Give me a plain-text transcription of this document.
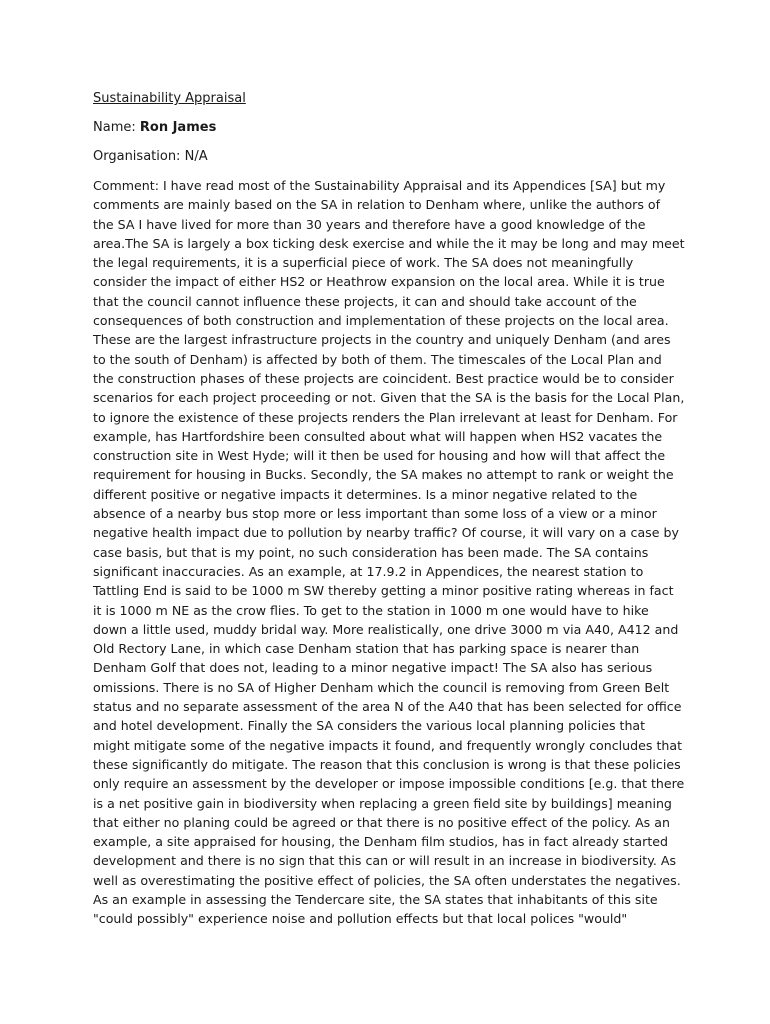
Sustainability Appraisal
Name: Ron James
Organisation: N/A
Comment: I have read most of the Sustainability Appraisal and its Appendices [SA] but my
comments are mainly based on the SA in relation to Denham where, unlike the authors of
the SA I have lived for more than 30 years and therefore have a good knowledge of the
area.The SA is largely a box ticking desk exercise and while the it may be long and may meet
the legal requirements, it is a superficial piece of work. The SA does not meaningfully
consider the impact of either HS2 or Heathrow expansion on the local area. While it is true
that the council cannot influence these projects, it can and should take account of the
consequences of both construction and implementation of these projects on the local area.
These are the largest infrastructure projects in the country and uniquely Denham (and ares
to the south of Denham) is affected by both of them. The timescales of the Local Plan and
the construction phases of these projects are coincident. Best practice would be to consider
scenarios for each project proceeding or not. Given that the SA is the basis for the Local Plan,
to ignore the existence of these projects renders the Plan irrelevant at least for Denham. For
example, has Hartfordshire been consulted about what will happen when HS2 vacates the
construction site in West Hyde; will it then be used for housing and how will that affect the
requirement for housing in Bucks. Secondly, the SA makes no attempt to rank or weight the
different positive or negative impacts it determines. Is a minor negative related to the
absence of a nearby bus stop more or less important than some loss of a view or a minor
negative health impact due to pollution by nearby traffic? Of course, it will vary on a case by
case basis, but that is my point, no such consideration has been made. The SA contains
significant inaccuracies. As an example, at 17.9.2 in Appendices, the nearest station to
Tattling End is said to be 1000 m SW thereby getting a minor positive rating whereas in fact
it is 1000 m NE as the crow flies. To get to the station in 1000 m one would have to hike
down a little used, muddy bridal way. More realistically, one drive 3000 m via A40, A412 and
Old Rectory Lane, in which case Denham station that has parking space is nearer than
Denham Golf that does not, leading to a minor negative impact! The SA also has serious
omissions. There is no SA of Higher Denham which the council is removing from Green Belt
status and no separate assessment of the area N of the A40 that has been selected for office
and hotel development. Finally the SA considers the various local planning policies that
might mitigate some of the negative impacts it found, and frequently wrongly concludes that
these significantly do mitigate. The reason that this conclusion is wrong is that these policies
only require an assessment by the developer or impose impossible conditions [e.g. that there
is a net positive gain in biodiversity when replacing a green field site by buildings] meaning
that either no planing could be agreed or that there is no positive effect of the policy. As an
example, a site appraised for housing, the Denham film studios, has in fact already started
development and there is no sign that this can or will result in an increase in biodiversity. As
well as overestimating the positive effect of policies, the SA often understates the negatives.
As an example in assessing the Tendercare site, the SA states that inhabitants of this site
"could possibly" experience noise and pollution effects but that local polices "would"
